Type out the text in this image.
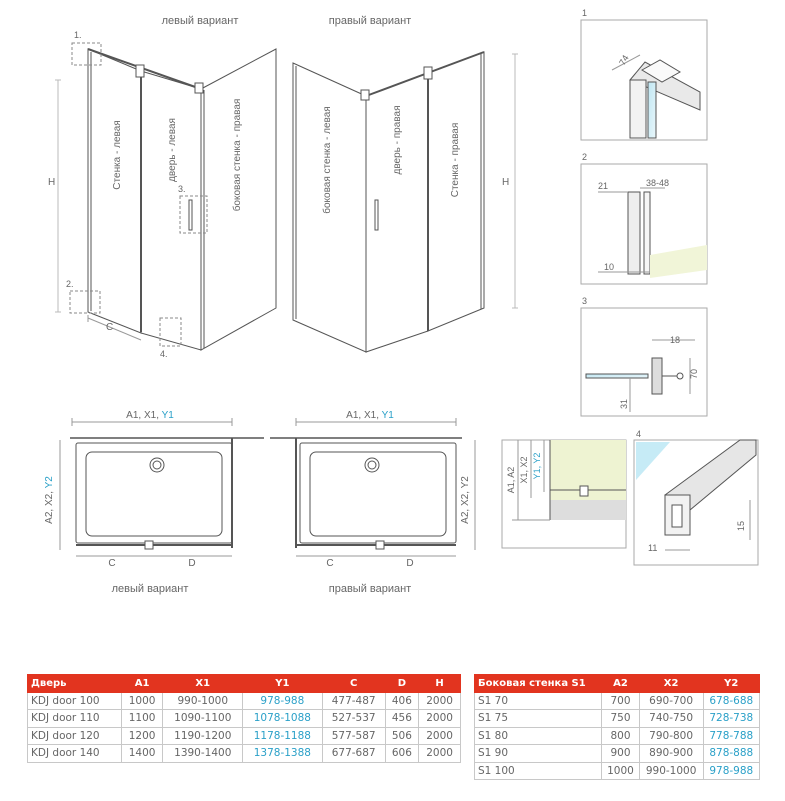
левый вариант
Стенка - левая	дверь - левая	боковая стенка - правая
H
C
1.
2.
3.
4.
правый вариант
боковая стенка - левая	дверь - правая	Стенка - правая	H
A1, X1, Y1
A2, X2, Y2
C	D
левый вариант
A1, X1, Y1
A2, X2, Y2
C	D
правый вариант
1
74
2
21	38-48
10
3
18
70
31
A1, A2 X1, X2 Y1, Y2
4
15
11
Дверь	A1	X1	Y1	C	D	H
KDJ door 100	1000	990-1000	978-988	477-487	406	2000
KDJ door 110	1100	1090-1100	1078-1088	527-537	456	2000
KDJ door 120	1200	1190-1200	1178-1188	577-587	506	2000
KDJ door 140	1400	1390-1400	1378-1388	677-687	606	2000
Боковая стенка S1	A2	X2	Y2
S1 70	700	690-700	678-688
S1 75	750	740-750	728-738
S1 80	800	790-800	778-788
S1 90	900	890-900	878-888
S1 100	1000	990-1000	978-988
